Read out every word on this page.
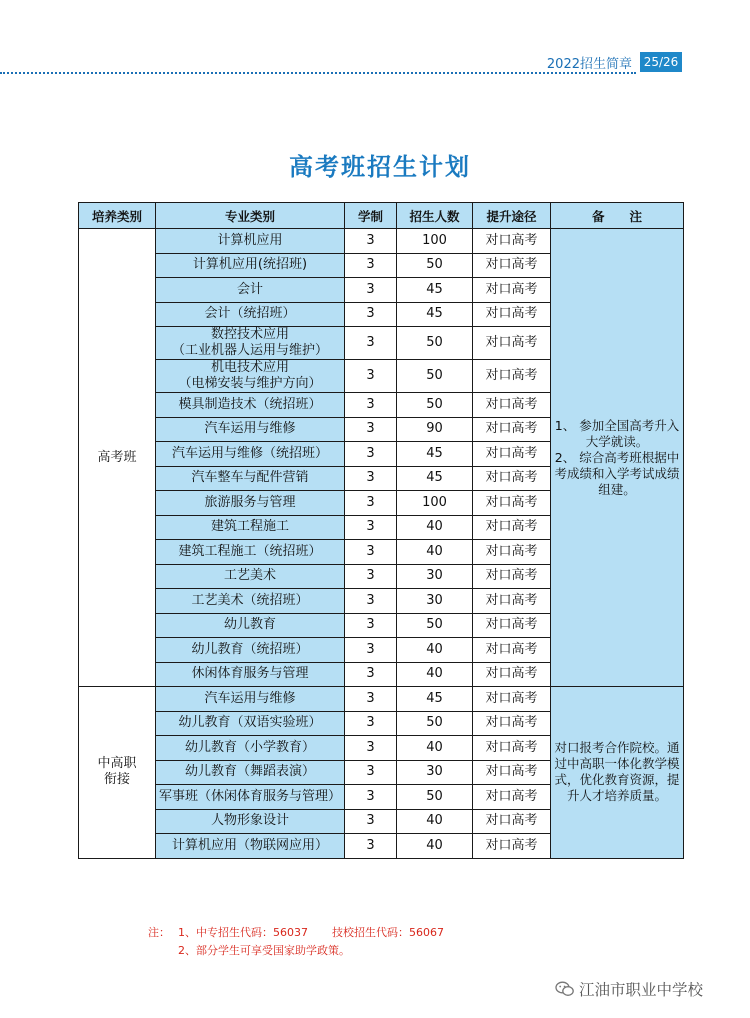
2022招生简章 25/26
高考班招生计划
培养类别	专业类别	学制	招生人数	提升途径	备　　注
高考班	计算机应用	3	100	对口高考	1、 参加全国高考升入大学就读。
2、 综合高考班根据中考成绩和入学考试成绩组建。
	计算机应用(统招班)	3	50	对口高考	
	会计	3	45	对口高考	
	会计（统招班）	3	45	对口高考	
	数控技术应用
（工业机器人运用与维护）	3	50	对口高考	
	机电技术应用
（电梯安装与维护方向）	3	50	对口高考	
	模具制造技术（统招班）	3	50	对口高考	
	汽车运用与维修	3	90	对口高考	
	汽车运用与维修（统招班）	3	45	对口高考	
	汽车整车与配件营销	3	45	对口高考	
	旅游服务与管理	3	100	对口高考	
	建筑工程施工	3	40	对口高考	
	建筑工程施工（统招班）	3	40	对口高考	
	工艺美术	3	30	对口高考	
	工艺美术（统招班）	3	30	对口高考	
	幼儿教育	3	50	对口高考	
	幼儿教育（统招班）	3	40	对口高考	
	休闲体育服务与管理	3	40	对口高考	
中高职
衔接	汽车运用与维修	3	45	对口高考	对口报考合作院校。通过中高职一体化教学模式，优化教育资源，提升人才培养质量。
	幼儿教育（双语实验班）	3	50	对口高考	
	幼儿教育（小学教育）	3	40	对口高考	
	幼儿教育（舞蹈表演）	3	30	对口高考	
	军事班（休闲体育服务与管理）	3	50	对口高考	
	人物形象设计	3	40	对口高考	
	计算机应用（物联网应用）	3	40	对口高考	
注： 1、中专招生代码：56037 技校招生代码：56067
2、部分学生可享受国家助学政策。
江油市职业中学校
